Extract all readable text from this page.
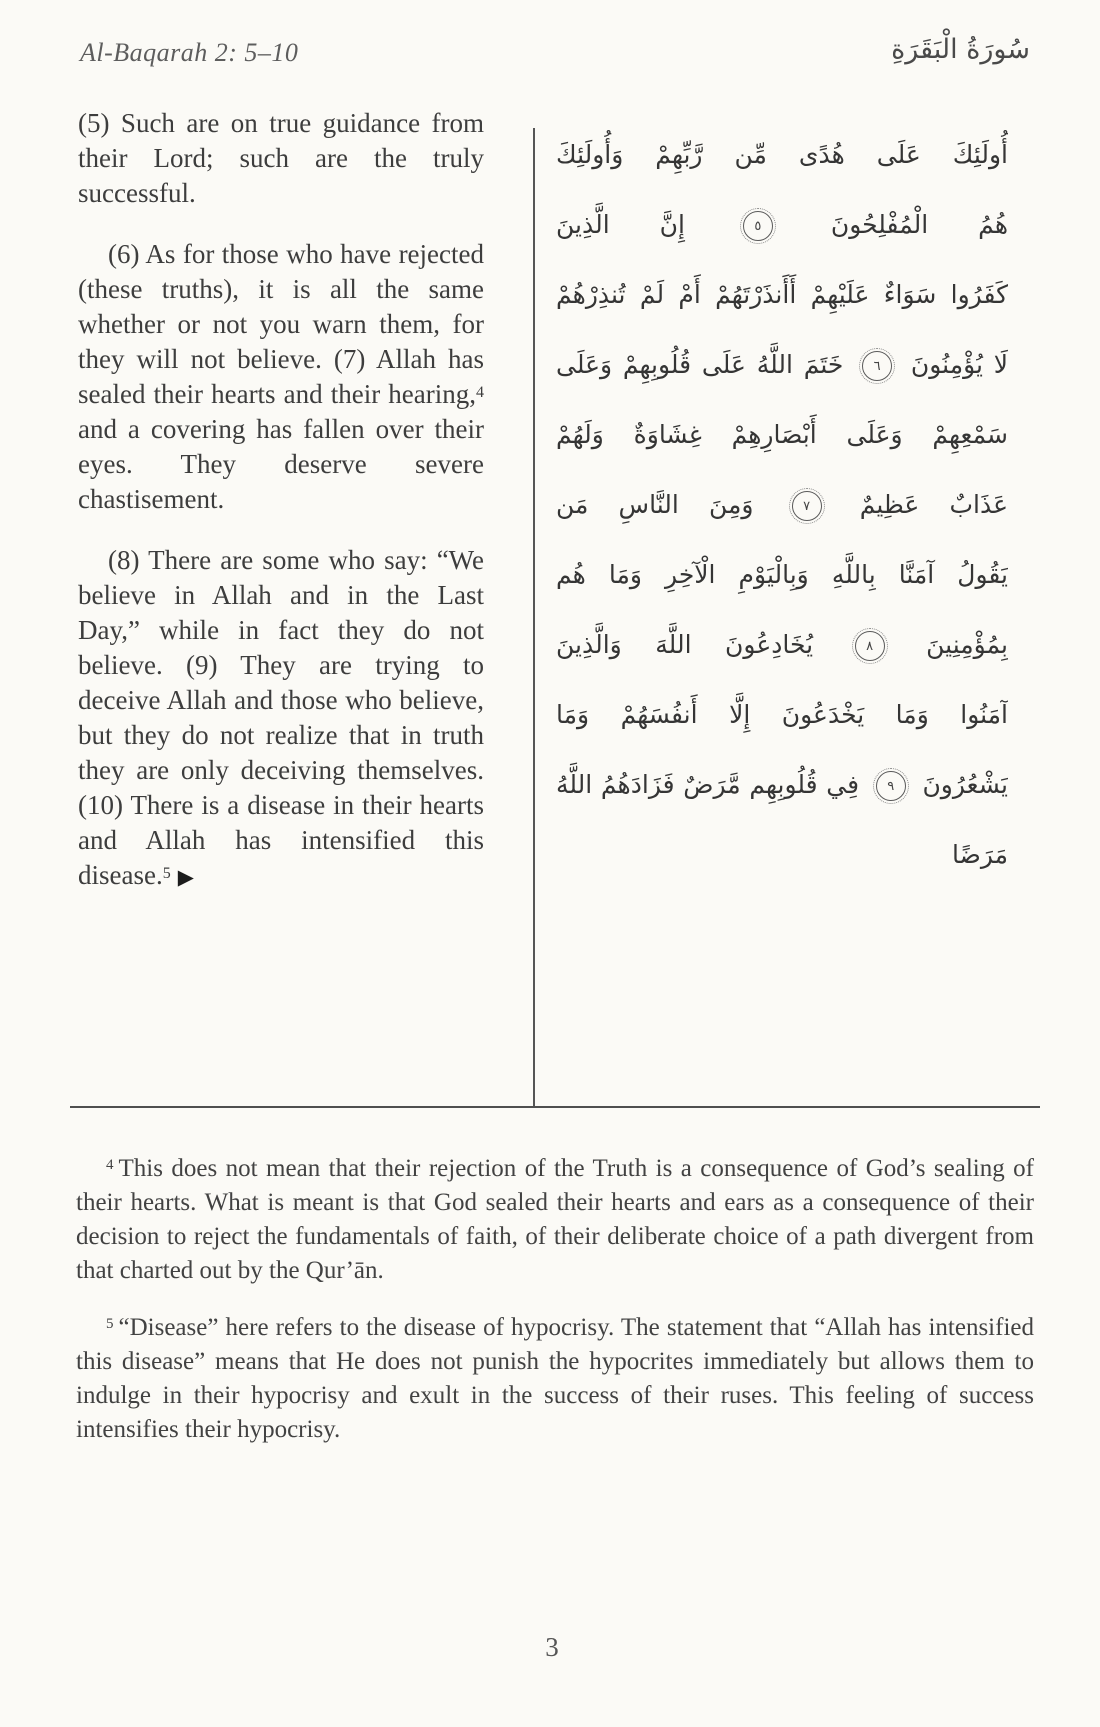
Al-Baqarah 2: 5–10	سُورَةُ الْبَقَرَةِ

(5) Such are on true guidance from their Lord; such are the truly successful.

(6) As for those who have rejected (these truths), it is all the same whether or not you warn them, for they will not believe. (7) Allah has sealed their hearts and their hearing,$^4$ and a covering has fallen over their eyes. They deserve severe chastisement.

(8) There are some who say: “We believe in Allah and in the Last Day,” while in fact they do not believe. (9) They are trying to deceive Allah and those who believe, but they do not realize that in truth they are only deceiving themselves. (10) There is a disease in their hearts and Allah has intensified this disease.$^5$ ▶

أُولَئِكَ عَلَى هُدًى مِّن رَّبِّهِمْ وَأُولَئِكَ
هُمُ الْمُفْلِحُونَ ٥ إِنَّ الَّذِينَ
كَفَرُوا سَوَاءٌ عَلَيْهِمْ أَأَنذَرْتَهُمْ أَمْ لَمْ تُنذِرْهُمْ
لَا يُؤْمِنُونَ ٦ خَتَمَ اللَّهُ عَلَى قُلُوبِهِمْ وَعَلَى
سَمْعِهِمْ وَعَلَى أَبْصَارِهِمْ غِشَاوَةٌ وَلَهُمْ
عَذَابٌ عَظِيمٌ ٧ وَمِنَ النَّاسِ مَن
يَقُولُ آمَنَّا بِاللَّهِ وَبِالْيَوْمِ الْآخِرِ وَمَا هُم
بِمُؤْمِنِينَ ٨ يُخَادِعُونَ اللَّهَ وَالَّذِينَ
آمَنُوا وَمَا يَخْدَعُونَ إِلَّا أَنفُسَهُمْ وَمَا
يَشْعُرُونَ ٩ فِي قُلُوبِهِم مَّرَضٌ فَزَادَهُمُ اللَّهُ
مَرَضًا

$^4$ This does not mean that their rejection of the Truth is a consequence of God’s sealing of their hearts. What is meant is that God sealed their hearts and ears as a consequence of their decision to reject the fundamentals of faith, of their deliberate choice of a path divergent from that charted out by the Qur’ān.

$^5$ “Disease” here refers to the disease of hypocrisy. The statement that “Allah has intensified this disease” means that He does not punish the hypocrites immediately but allows them to indulge in their hypocrisy and exult in the success of their ruses. This feeling of success intensifies their hypocrisy.

3
